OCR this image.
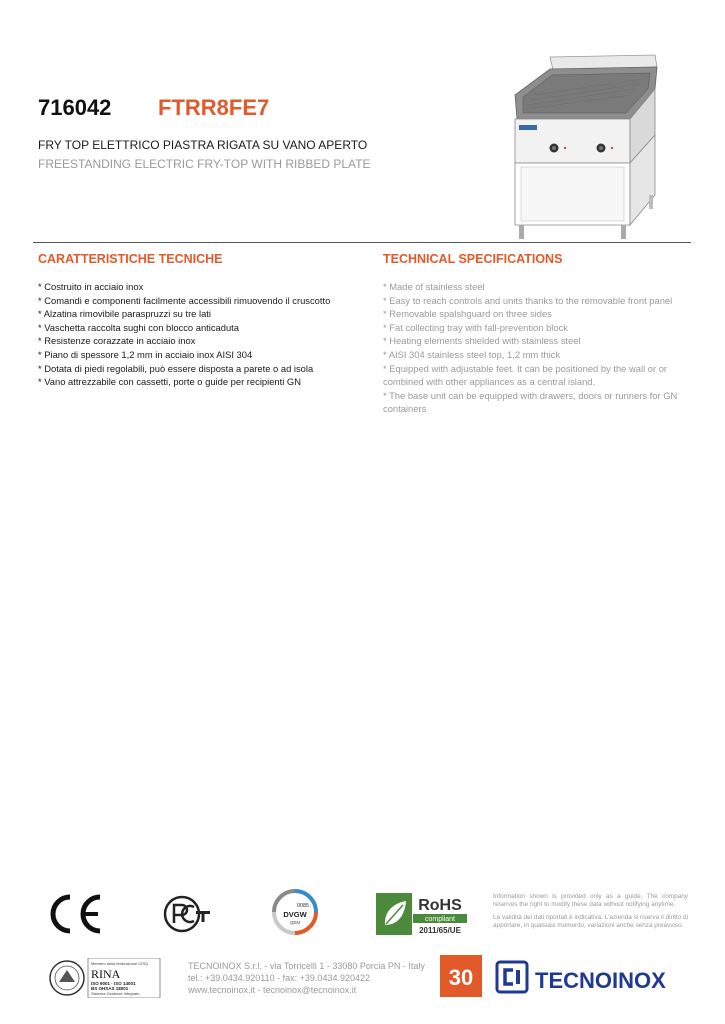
716042 FTRR8FE7
FRY TOP ELETTRICO PIASTRA RIGATA SU VANO APERTO
FREESTANDING ELECTRIC FRY-TOP WITH RIBBED PLATE
CARATTERISTICHE TECNICHE	TECHNICAL SPECIFICATIONS

* Costruito in acciaio inox

* Comandi e componenti facilmente accessibili rimuovendo il cruscotto

* Alzatina rimovibile paraspruzzi su tre lati

* Vaschetta raccolta sughi con blocco anticaduta

* Resistenze corazzate in acciaio inox

* Piano di spessore 1,2 mm in acciaio inox AISI 304

* Dotata di piedi regolabili, può essere disposta a parete o ad isola

* Vano attrezzabile con cassetti, porte o guide per recipienti GN

* Made of stainless steel

* Easy to reach controls and units thanks to the removable front panel

* Removable spalshguard on three sides

* Fat collecting tray with fall-prevention block

* Heating elements shielded with stainless steel

* AISI 304 stainless steel top, 1,2 mm thick

* Equipped with adjustable feet. It can be positioned by the wall or or combined with other appliances as a central island.

* The base unit can be equipped with drawers, doors or runners for GN containers

0085
DVGW
QEM
RoHS
compliant
2011/65/UE
Information shown is provided only as a guide. The company reserves the right to modify these data without notifying anytime.
La validità dei dati riportati è indicativa. L'azienda si riserva il diritto di apportare, in qualsiasi momento, variazioni anche senza preavviso.
Membro della federazione CISQ
RINA
ISO 9001 · ISO 14001
BS OHSAS 18001
Sistema Gestione Integrato
TECNOINOX S.r.l. - via Torricelli 1 - 33080 Porcia PN - Italy
tel.: +39.0434.920110 - fax: +39.0434.920422
www.tecnoinox.it - tecnoinox@tecnoinox.it	30	TECNOINOX
